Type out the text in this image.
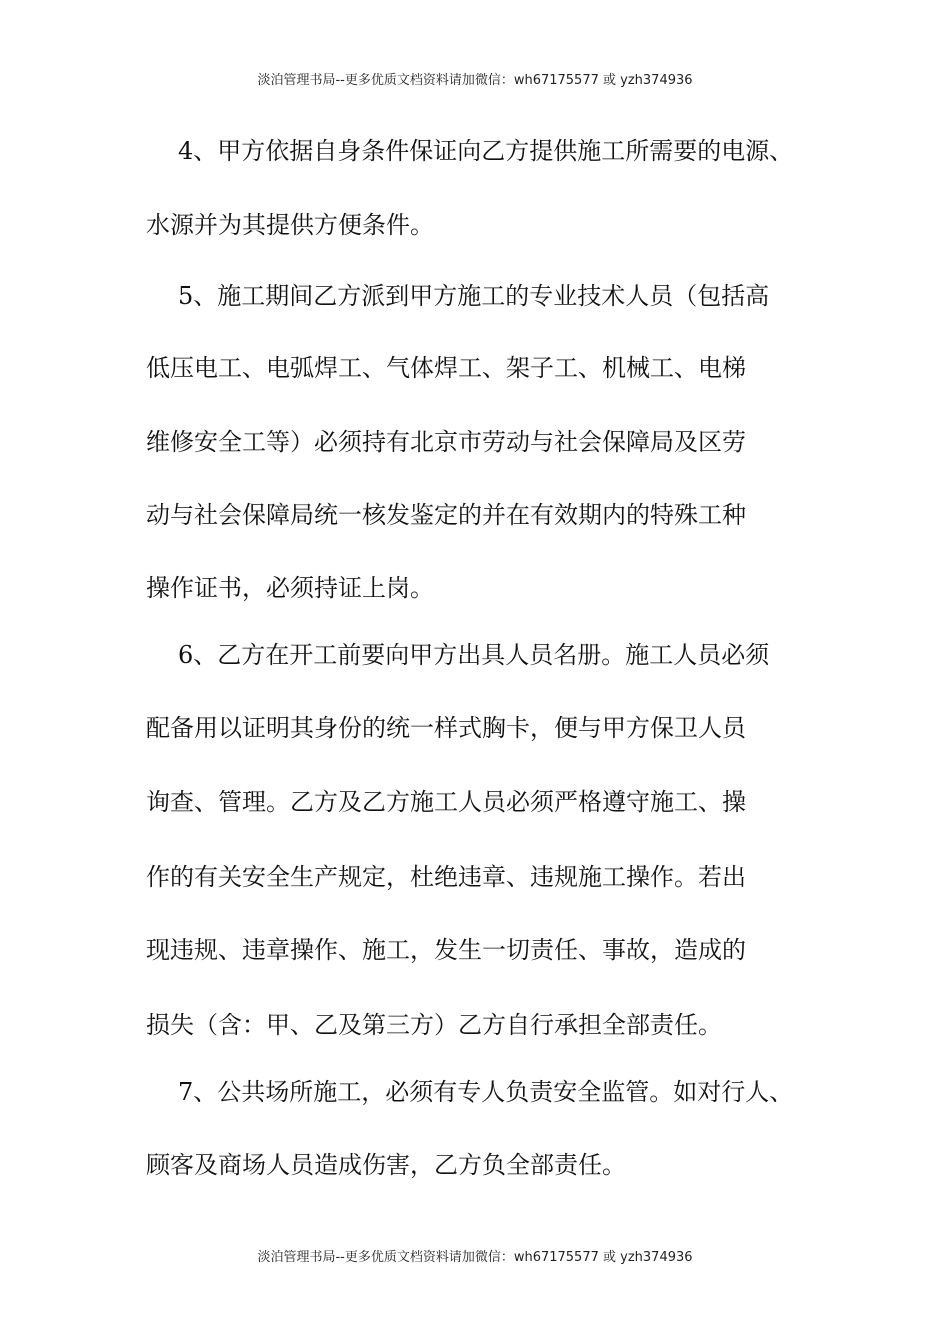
淡泊管理书局--更多优质文档资料请加微信：wh67175577 或 yzh374936
4、甲方依据自身条件保证向乙方提供施工所需要的电源、
水源并为其提供方便条件。
5、施工期间乙方派到甲方施工的专业技术人员（包括高
低压电工、电弧焊工、气体焊工、架子工、机械工、电梯
维修安全工等）必须持有北京市劳动与社会保障局及区劳
动与社会保障局统一核发鉴定的并在有效期内的特殊工种
操作证书，必须持证上岗。
6、乙方在开工前要向甲方出具人员名册。施工人员必须
配备用以证明其身份的统一样式胸卡，便与甲方保卫人员
询查、管理。乙方及乙方施工人员必须严格遵守施工、操
作的有关安全生产规定，杜绝违章、违规施工操作。若出
现违规、违章操作、施工，发生一切责任、事故，造成的
损失（含：甲、乙及第三方）乙方自行承担全部责任。
7、公共场所施工，必须有专人负责安全监管。如对行人、
顾客及商场人员造成伤害，乙方负全部责任。
淡泊管理书局--更多优质文档资料请加微信：wh67175577 或 yzh374936
